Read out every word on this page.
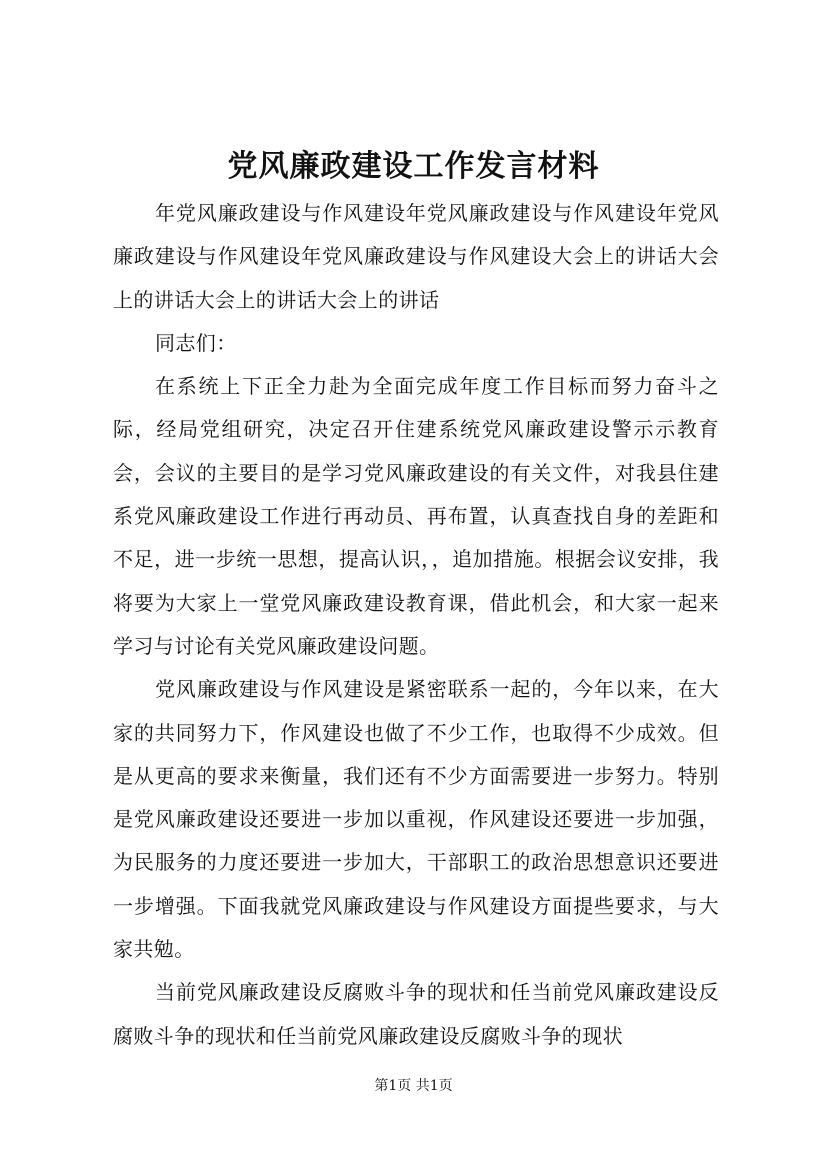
党风廉政建设工作发言材料

年党风廉政建设与作风建设年党风廉政建设与作风建设年党风廉政建设与作风建设年党风廉政建设与作风建设大会上的讲话大会上的讲话大会上的讲话大会上的讲话

同志们：

在系统上下正全力赴为全面完成年度工作目标而努力奋斗之际，经局党组研究，决定召开住建系统党风廉政建设警示示教育会，会议的主要目的是学习党风廉政建设的有关文件，对我县住建系党风廉政建设工作进行再动员、再布置，认真查找自身的差距和不足，进一步统一思想，提高认识，，追加措施。根据会议安排，我将要为大家上一堂党风廉政建设教育课，借此机会，和大家一起来学习与讨论有关党风廉政建设问题。

党风廉政建设与作风建设是紧密联系一起的，今年以来，在大家的共同努力下，作风建设也做了不少工作，也取得不少成效。但是从更高的要求来衡量，我们还有不少方面需要进一步努力。特别是党风廉政建设还要进一步加以重视，作风建设还要进一步加强，为民服务的力度还要进一步加大，干部职工的政治思想意识还要进一步增强。下面我就党风廉政建设与作风建设方面提些要求，与大家共勉。

当前党风廉政建设反腐败斗争的现状和任当前党风廉政建设反腐败斗争的现状和任当前党风廉政建设反腐败斗争的现状

第1页 共1页
